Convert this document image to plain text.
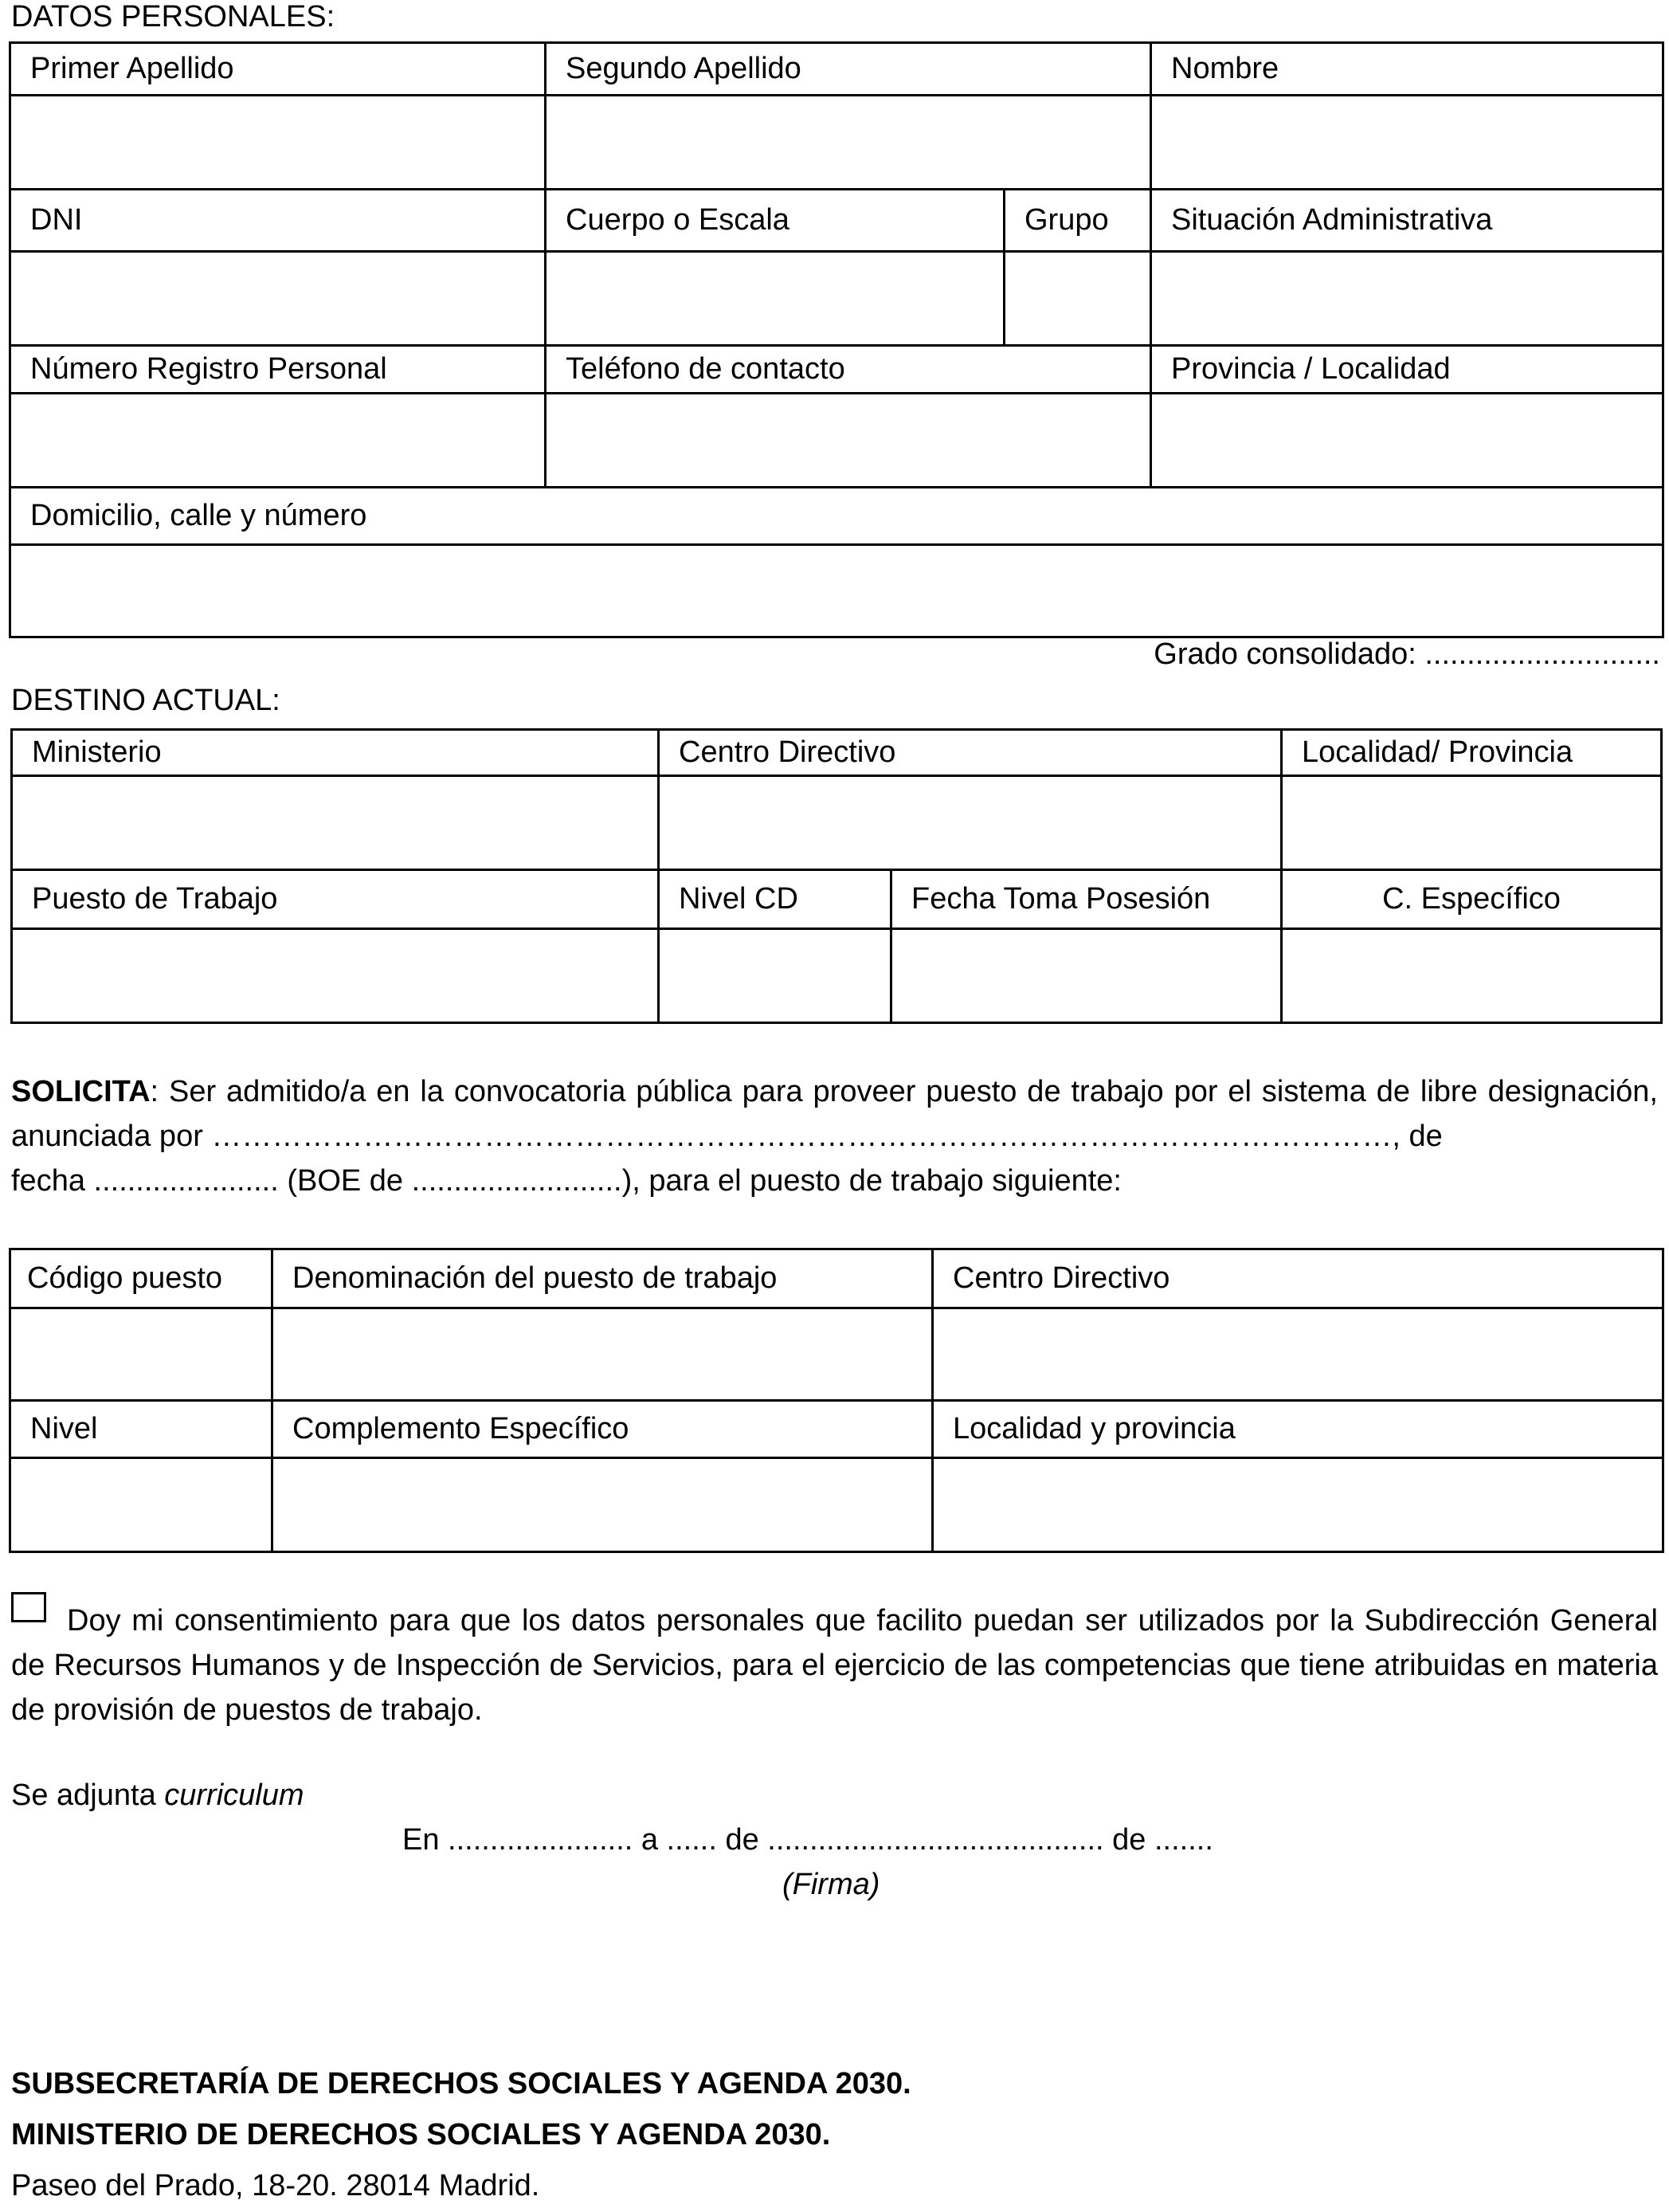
DATOS PERSONALES:
Primer Apellido	Segundo Apellido		Nombre

DNI	Cuerpo o Escala	Grupo	Situación Administrativa

Número Registro Personal	Teléfono de contacto		Provincia / Localidad

Domicilio, calle y número			

Grado consolidado: ............................
DESTINO ACTUAL:
Ministerio	Centro Directivo		Localidad/ Provincia

Puesto de Trabajo	Nivel CD	Fecha Toma Posesión	C. Específico

SOLICITA: Ser admitido/a en la convocatoria pública para proveer puesto de trabajo por el sistema de libre designación, anunciada por ………………………………………………………………………………………………………, de
fecha ...................... (BOE de .........................), para el puesto de trabajo siguiente:
Código puesto	Denominación del puesto de trabajo	Centro Directivo

Nivel	Complemento Específico	Localidad y provincia

Doy mi consentimiento para que los datos personales que facilito puedan ser utilizados por la Subdirección General de Recursos Humanos y de Inspección de Servicios, para el ejercicio de las competencias que tiene atribuidas en materia de provisión de puestos de trabajo.
Se adjunta curriculum
En ...................... a ...... de ........................................ de .......
(Firma)
SUBSECRETARÍA DE DERECHOS SOCIALES Y AGENDA 2030.
MINISTERIO DE DERECHOS SOCIALES Y AGENDA 2030.
Paseo del Prado, 18-20. 28014 Madrid.
